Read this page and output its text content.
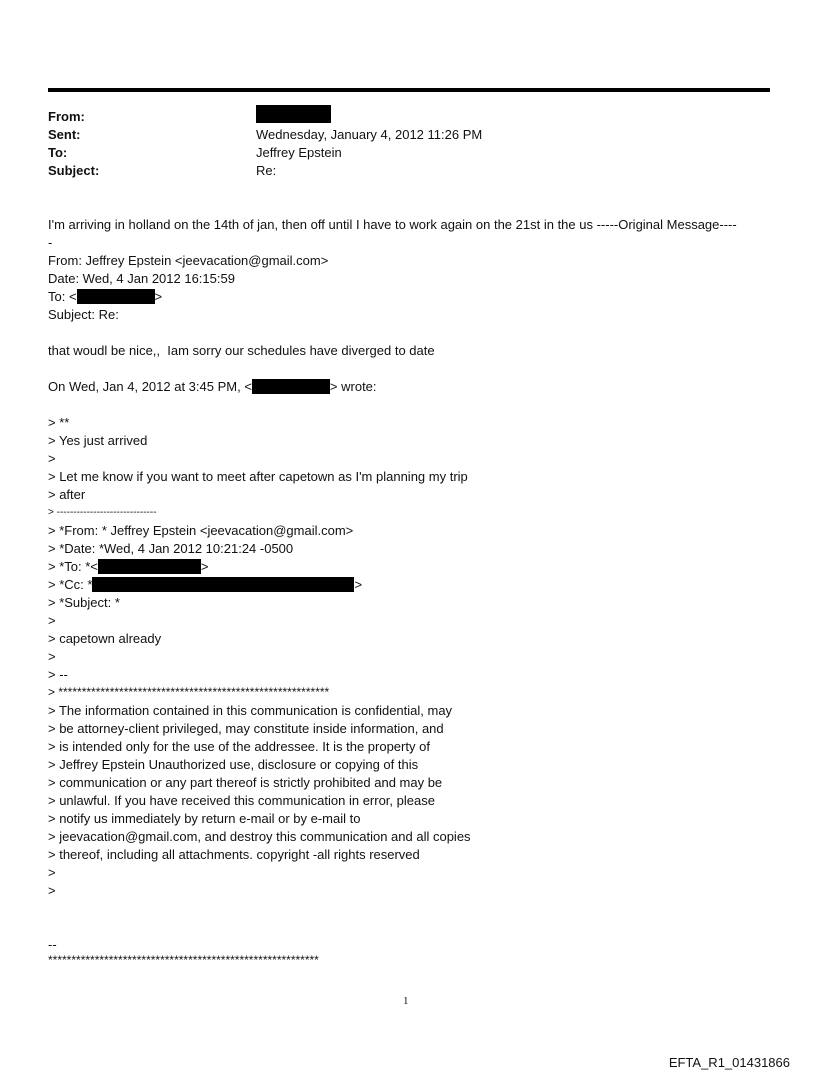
From:
Sent:	Wednesday, January 4, 2012 11:26 PM
To:	Jeffrey Epstein
Subject:	Re:
I'm arriving in holland on the 14th of jan, then off until I have to work again on the 21st in the us -----Original Message----
-
From: Jeffrey Epstein <jeevacation@gmail.com>
Date: Wed, 4 Jan 2012 16:15:59
To: <	>
Subject: Re:
that woudl be nice,,  Iam sorry our schedules have diverged to date
On Wed, Jan 4, 2012 at 3:45 PM, <	> wrote:
> **
> Yes just arrived
>
> Let me know if you want to meet after capetown as I'm planning my trip
> after
> ------------------------------
> *From: * Jeffrey Epstein <jeevacation@gmail.com>
> *Date: *Wed, 4 Jan 2012 10:21:24 -0500
> *To: *<	>
> *Cc: *	>
> *Subject: *
>
> capetown already
>
> --
> **********************************************************
> The information contained in this communication is confidential, may
> be attorney-client privileged, may constitute inside information, and
> is intended only for the use of the addressee. It is the property of
> Jeffrey Epstein Unauthorized use, disclosure or copying of this
> communication or any part thereof is strictly prohibited and may be
> unlawful. If you have received this communication in error, please
> notify us immediately by return e-mail or by e-mail to
> jeevacation@gmail.com, and destroy this communication and all copies
> thereof, including all attachments. copyright -all rights reserved
>
>
--
**********************************************************
1
EFTA_R1_01431866
